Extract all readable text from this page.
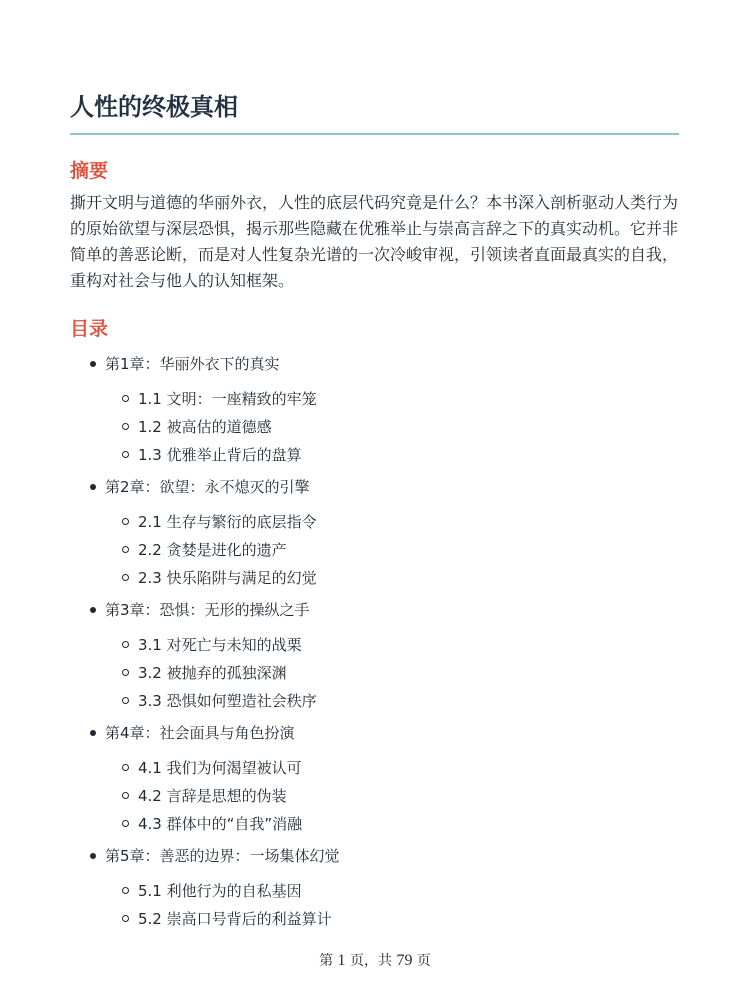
人性的终极真相
摘要

撕开文明与道德的华丽外衣，人性的底层代码究竟是什么？本书深入剖析驱动人类行为的原始欲望与深层恐惧，揭示那些隐藏在优雅举止与崇高言辞之下的真实动机。它并非简单的善恶论断，而是对人性复杂光谱的一次冷峻审视，引领读者直面最真实的自我，重构对社会与他人的认知框架。

目录
第1章：华丽外衣下的真实
1.1 文明：一座精致的牢笼
1.2 被高估的道德感
1.3 优雅举止背后的盘算
第2章：欲望：永不熄灭的引擎
2.1 生存与繁衍的底层指令
2.2 贪婪是进化的遗产
2.3 快乐陷阱与满足的幻觉
第3章：恐惧：无形的操纵之手
3.1 对死亡与未知的战栗
3.2 被抛弃的孤独深渊
3.3 恐惧如何塑造社会秩序
第4章：社会面具与角色扮演
4.1 我们为何渴望被认可
4.2 言辞是思想的伪装
4.3 群体中的“自我”消融
第5章：善恶的边界：一场集体幻觉
5.1 利他行为的自私基因
5.2 崇高口号背后的利益算计
第 1 页，共 79 页
